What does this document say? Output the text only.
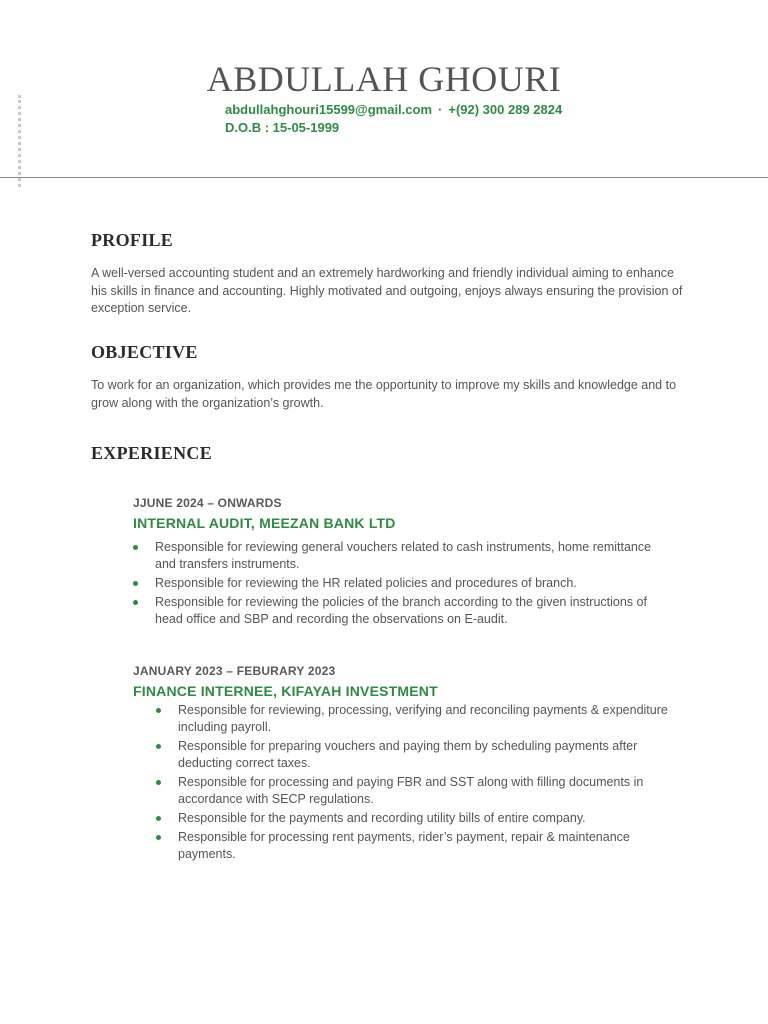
ABDULLAH GHOURI
abdullahghouri15599@gmail.com · +(92) 300 289 2824
D.O.B : 15-05-1999
PROFILE

A well-versed accounting student and an extremely hardworking and friendly individual aiming to enhance his skills in finance and accounting. Highly motivated and outgoing, enjoys always ensuring the provision of exception service.

OBJECTIVE

To work for an organization, which provides me the opportunity to improve my skills and knowledge and to grow along with the organization’s growth.

EXPERIENCE
JJUNE 2024 – ONWARDS
INTERNAL AUDIT, MEEZAN BANK LTD
Responsible for reviewing general vouchers related to cash instruments, home remittance and transfers instruments.
Responsible for reviewing the HR related policies and procedures of branch.
Responsible for reviewing the policies of the branch according to the given instructions of head office and SBP and recording the observations on E-audit.
JANUARY 2023 – FEBURARY 2023
FINANCE INTERNEE, KIFAYAH INVESTMENT
Responsible for reviewing, processing, verifying and reconciling payments & expenditure including payroll.
Responsible for preparing vouchers and paying them by scheduling payments after deducting correct taxes.
Responsible for processing and paying FBR and SST along with filling documents in accordance with SECP regulations.
Responsible for the payments and recording utility bills of entire company.
Responsible for processing rent payments, rider’s payment, repair & maintenance payments.
